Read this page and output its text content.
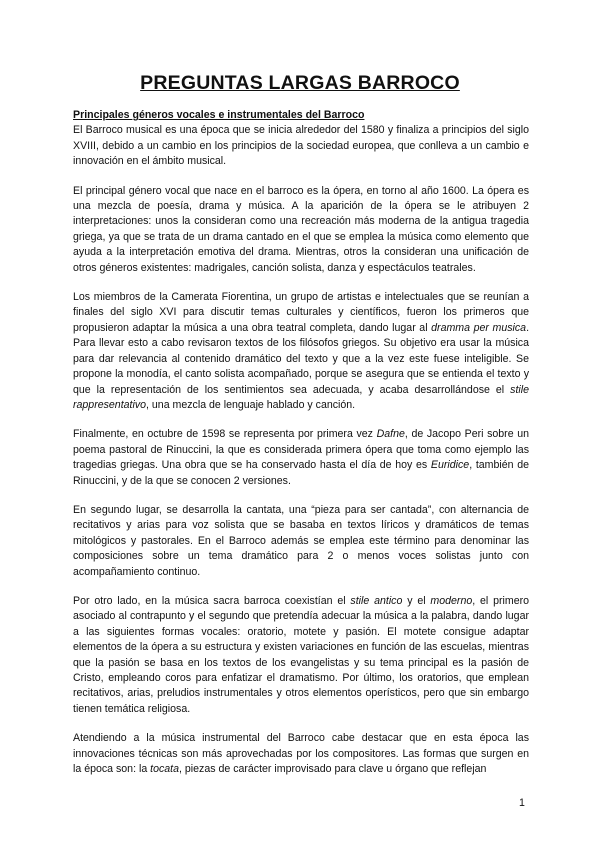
PREGUNTAS LARGAS BARROCO
Principales géneros vocales e instrumentales del Barroco

El Barroco musical es una época que se inicia alrededor del 1580 y finaliza a principios del siglo XVIII, debido a un cambio en los principios de la sociedad europea, que conlleva a un cambio e innovación en el ámbito musical.

El principal género vocal que nace en el barroco es la ópera, en torno al año 1600. La ópera es una mezcla de poesía, drama y música. A la aparición de la ópera se le atribuyen 2 interpretaciones: unos la consideran como una recreación más moderna de la antigua tragedia griega, ya que se trata de un drama cantado en el que se emplea la música como elemento que ayuda a la interpretación emotiva del drama. Mientras, otros la consideran una unificación de otros géneros existentes: madrigales, canción solista, danza y espectáculos teatrales.

Los miembros de la Camerata Fiorentina, un grupo de artistas e intelectuales que se reunían a finales del siglo XVI para discutir temas culturales y científicos, fueron los primeros que propusieron adaptar la música a una obra teatral completa, dando lugar al dramma per musica. Para llevar esto a cabo revisaron textos de los filósofos griegos. Su objetivo era usar la música para dar relevancia al contenido dramático del texto y que a la vez este fuese inteligible. Se propone la monodía, el canto solista acompañado, porque se asegura que se entienda el texto y que la representación de los sentimientos sea adecuada, y acaba desarrollándose el stile rappresentativo, una mezcla de lenguaje hablado y canción.

Finalmente, en octubre de 1598 se representa por primera vez Dafne, de Jacopo Peri sobre un poema pastoral de Rinuccini, la que es considerada primera ópera que toma como ejemplo las tragedias griegas. Una obra que se ha conservado hasta el día de hoy es Euridice, también de Rinuccini, y de la que se conocen 2 versiones.

En segundo lugar, se desarrolla la cantata, una “pieza para ser cantada”, con alternancia de recitativos y arias para voz solista que se basaba en textos líricos y dramáticos de temas mitológicos y pastorales. En el Barroco además se emplea este término para denominar las composiciones sobre un tema dramático para 2 o menos voces solistas junto con acompañamiento continuo.

Por otro lado, en la música sacra barroca coexistían el stile antico y el moderno, el primero asociado al contrapunto y el segundo que pretendía adecuar la música a la palabra, dando lugar a las siguientes formas vocales: oratorio, motete y pasión. El motete consigue adaptar elementos de la ópera a su estructura y existen variaciones en función de las escuelas, mientras que la pasión se basa en los textos de los evangelistas y su tema principal es la pasión de Cristo, empleando coros para enfatizar el dramatismo. Por último, los oratorios, que emplean recitativos, arias, preludios instrumentales y otros elementos operísticos, pero que sin embargo tienen temática religiosa.

Atendiendo a la música instrumental del Barroco cabe destacar que en esta época las innovaciones técnicas son más aprovechadas por los compositores. Las formas que surgen en la época son: la tocata, piezas de carácter improvisado para clave u órgano que reflejan

1
